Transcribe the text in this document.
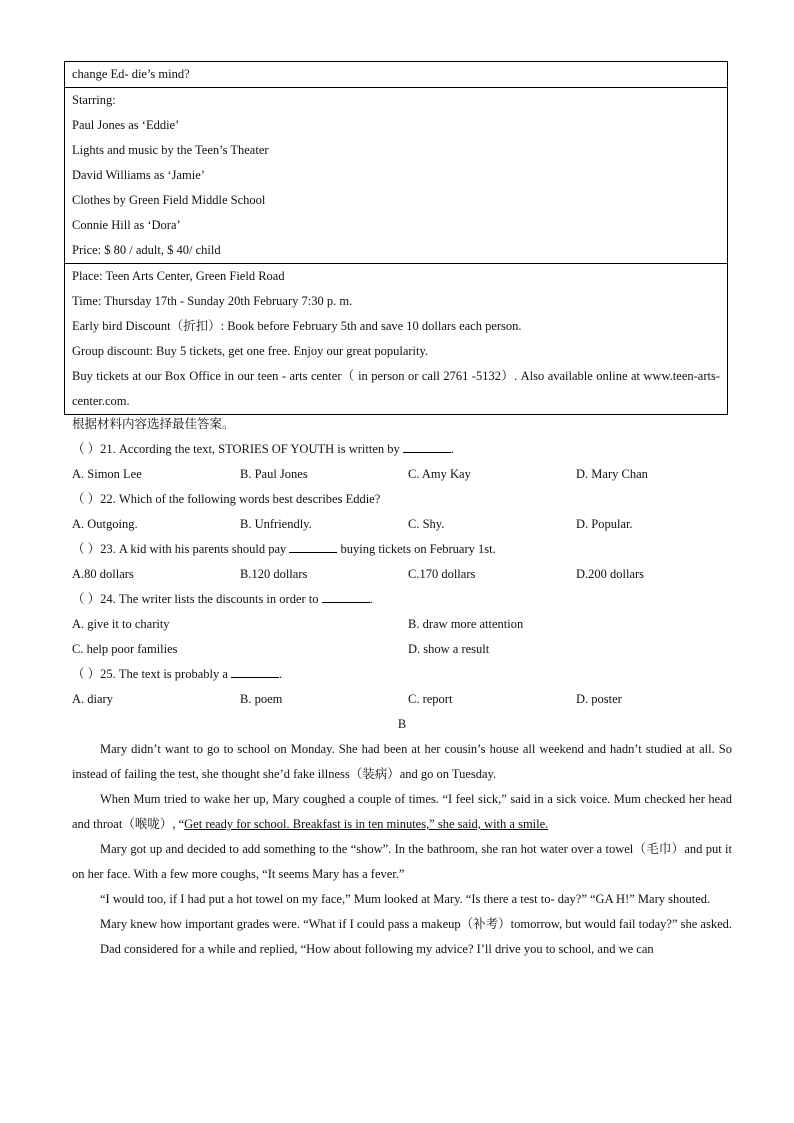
change Ed- die’s mind?
Starring:
Paul Jones as ‘Eddie’
Lights and music by the Teen’s Theater
David Williams as ‘Jamie’
Clothes by Green Field Middle School
Connie Hill as ‘Dora’
Price: $ 80 / adult, $ 40/ child
Place: Teen Arts Center, Green Field Road
Time: Thursday 17th - Sunday 20th February 7:30 p. m.
Early bird Discount（折扣）: Book before February 5th and save 10 dollars each person.
Group discount: Buy 5 tickets, get one free. Enjoy our great popularity.
Buy tickets at our Box Office in our teen - arts center（ in person or call 2761 -5132）. Also available online at www.teen-arts- center.com.
根据材料内容选择最佳答案。
（ ）21. According the text, STORIES OF YOUTH is written by	.
A. Simon Lee	B. Paul Jones	C. Amy Kay	D. Mary Chan
（ ）22. Which of the following words best describes Eddie?
A. Outgoing.	B. Unfriendly.	C. Shy.	D. Popular.
（ ）23. A kid with his parents should pay	buying tickets on February 1st.
A.80 dollars	B.120 dollars	C.170 dollars	D.200 dollars
（ ）24. The writer lists the discounts in order to	.
A. give it to charity	B. draw more attention
C. help poor families	D. show a result
（ ）25. The text is probably a	.
A. diary	B. poem	C. report	D. poster
B
Mary didn’t want to go to school on Monday. She had been at her cousin’s house all weekend and hadn’t studied at all. So instead of failing the test, she thought she’d fake illness（装病）and go on Tuesday.
When Mum tried to wake her up, Mary coughed a couple of times. “I feel sick,” said in a sick voice. Mum checked her head and throat（喉咙）, “Get ready for school. Breakfast is in ten minutes,” she said, with a smile.
Mary got up and decided to add something to the “show”. In the bathroom, she ran hot water over a towel（毛巾）and put it on her face. With a few more coughs, “It seems Mary has a fever.”
“I would too, if I had put a hot towel on my face,” Mum looked at Mary. “Is there a test to- day?” “GA H!” Mary shouted.
Mary knew how important grades were. “What if I could pass a makeup（补考）tomorrow, but would fail today?” she asked.
Dad considered for a while and replied, “How about following my advice? I’ll drive you to school, and we can
